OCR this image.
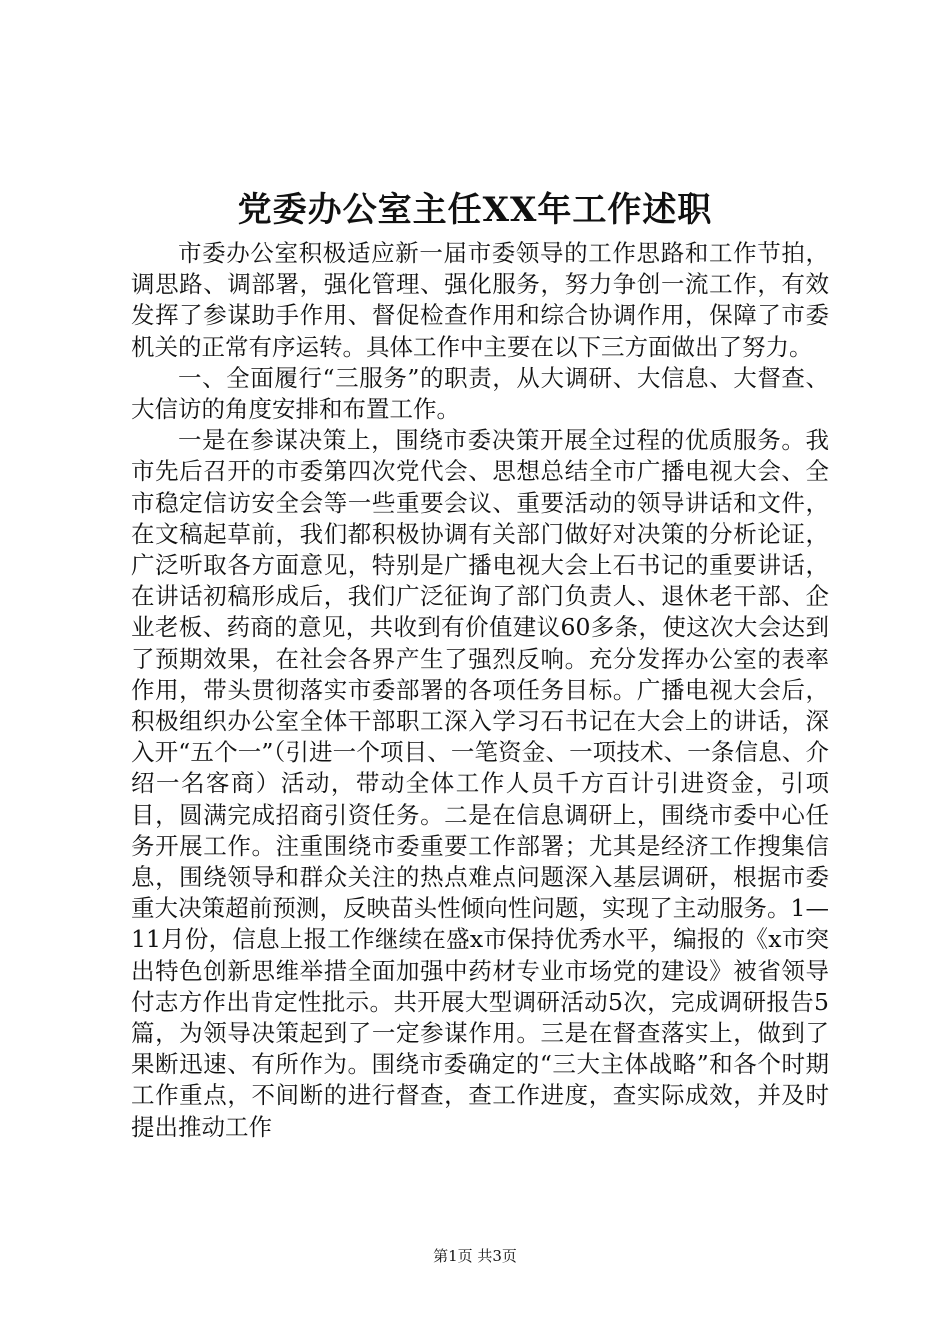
党委办公室主任XX年工作述职

市委办公室积极适应新一届市委领导的工作思路和工作节拍，调思路、调部署，强化管理、强化服务，努力争创一流工作，有效发挥了参谋助手作用、督促检查作用和综合协调作用，保障了市委机关的正常有序运转。具体工作中主要在以下三方面做出了努力。

一、全面履行“三服务”的职责，从大调研、大信息、大督查、大信访的角度安排和布置工作。

一是在参谋决策上，围绕市委决策开展全过程的优质服务。我市先后召开的市委第四次党代会、思想总结全市广播电视大会、全市稳定信访安全会等一些重要会议、重要活动的领导讲话和文件，在文稿起草前，我们都积极协调有关部门做好对决策的分析论证，广泛听取各方面意见，特别是广播电视大会上石书记的重要讲话，在讲话初稿形成后，我们广泛征询了部门负责人、退休老干部、企业老板、药商的意见，共收到有价值建议60多条，使这次大会达到了预期效果，在社会各界产生了强烈反响。充分发挥办公室的表率作用，带头贯彻落实市委部署的各项任务目标。广播电视大会后，积极组织办公室全体干部职工深入学习石书记在大会上的讲话，深入开“五个一”（引进一个项目、一笔资金、一项技术、一条信息、介绍一名客商）活动，带动全体工作人员千方百计引进资金，引项目，圆满完成招商引资任务。二是在信息调研上，围绕市委中心任务开展工作。注重围绕市委重要工作部署；尤其是经济工作搜集信息，围绕领导和群众关注的热点难点问题深入基层调研，根据市委重大决策超前预测，反映苗头性倾向性问题，实现了主动服务。1—11月份，信息上报工作继续在盛x市保持优秀水平，编报的《x市突出特色创新思维举措全面加强中药材专业市场党的建设》被省领导付志方作出肯定性批示。共开展大型调研活动5次，完成调研报告5篇，为领导决策起到了一定参谋作用。三是在督查落实上，做到了果断迅速、有所作为。围绕市委确定的“三大主体战略”和各个时期工作重点，不间断的进行督查，查工作进度，查实际成效，并及时提出推动工作

第1页 共3页
